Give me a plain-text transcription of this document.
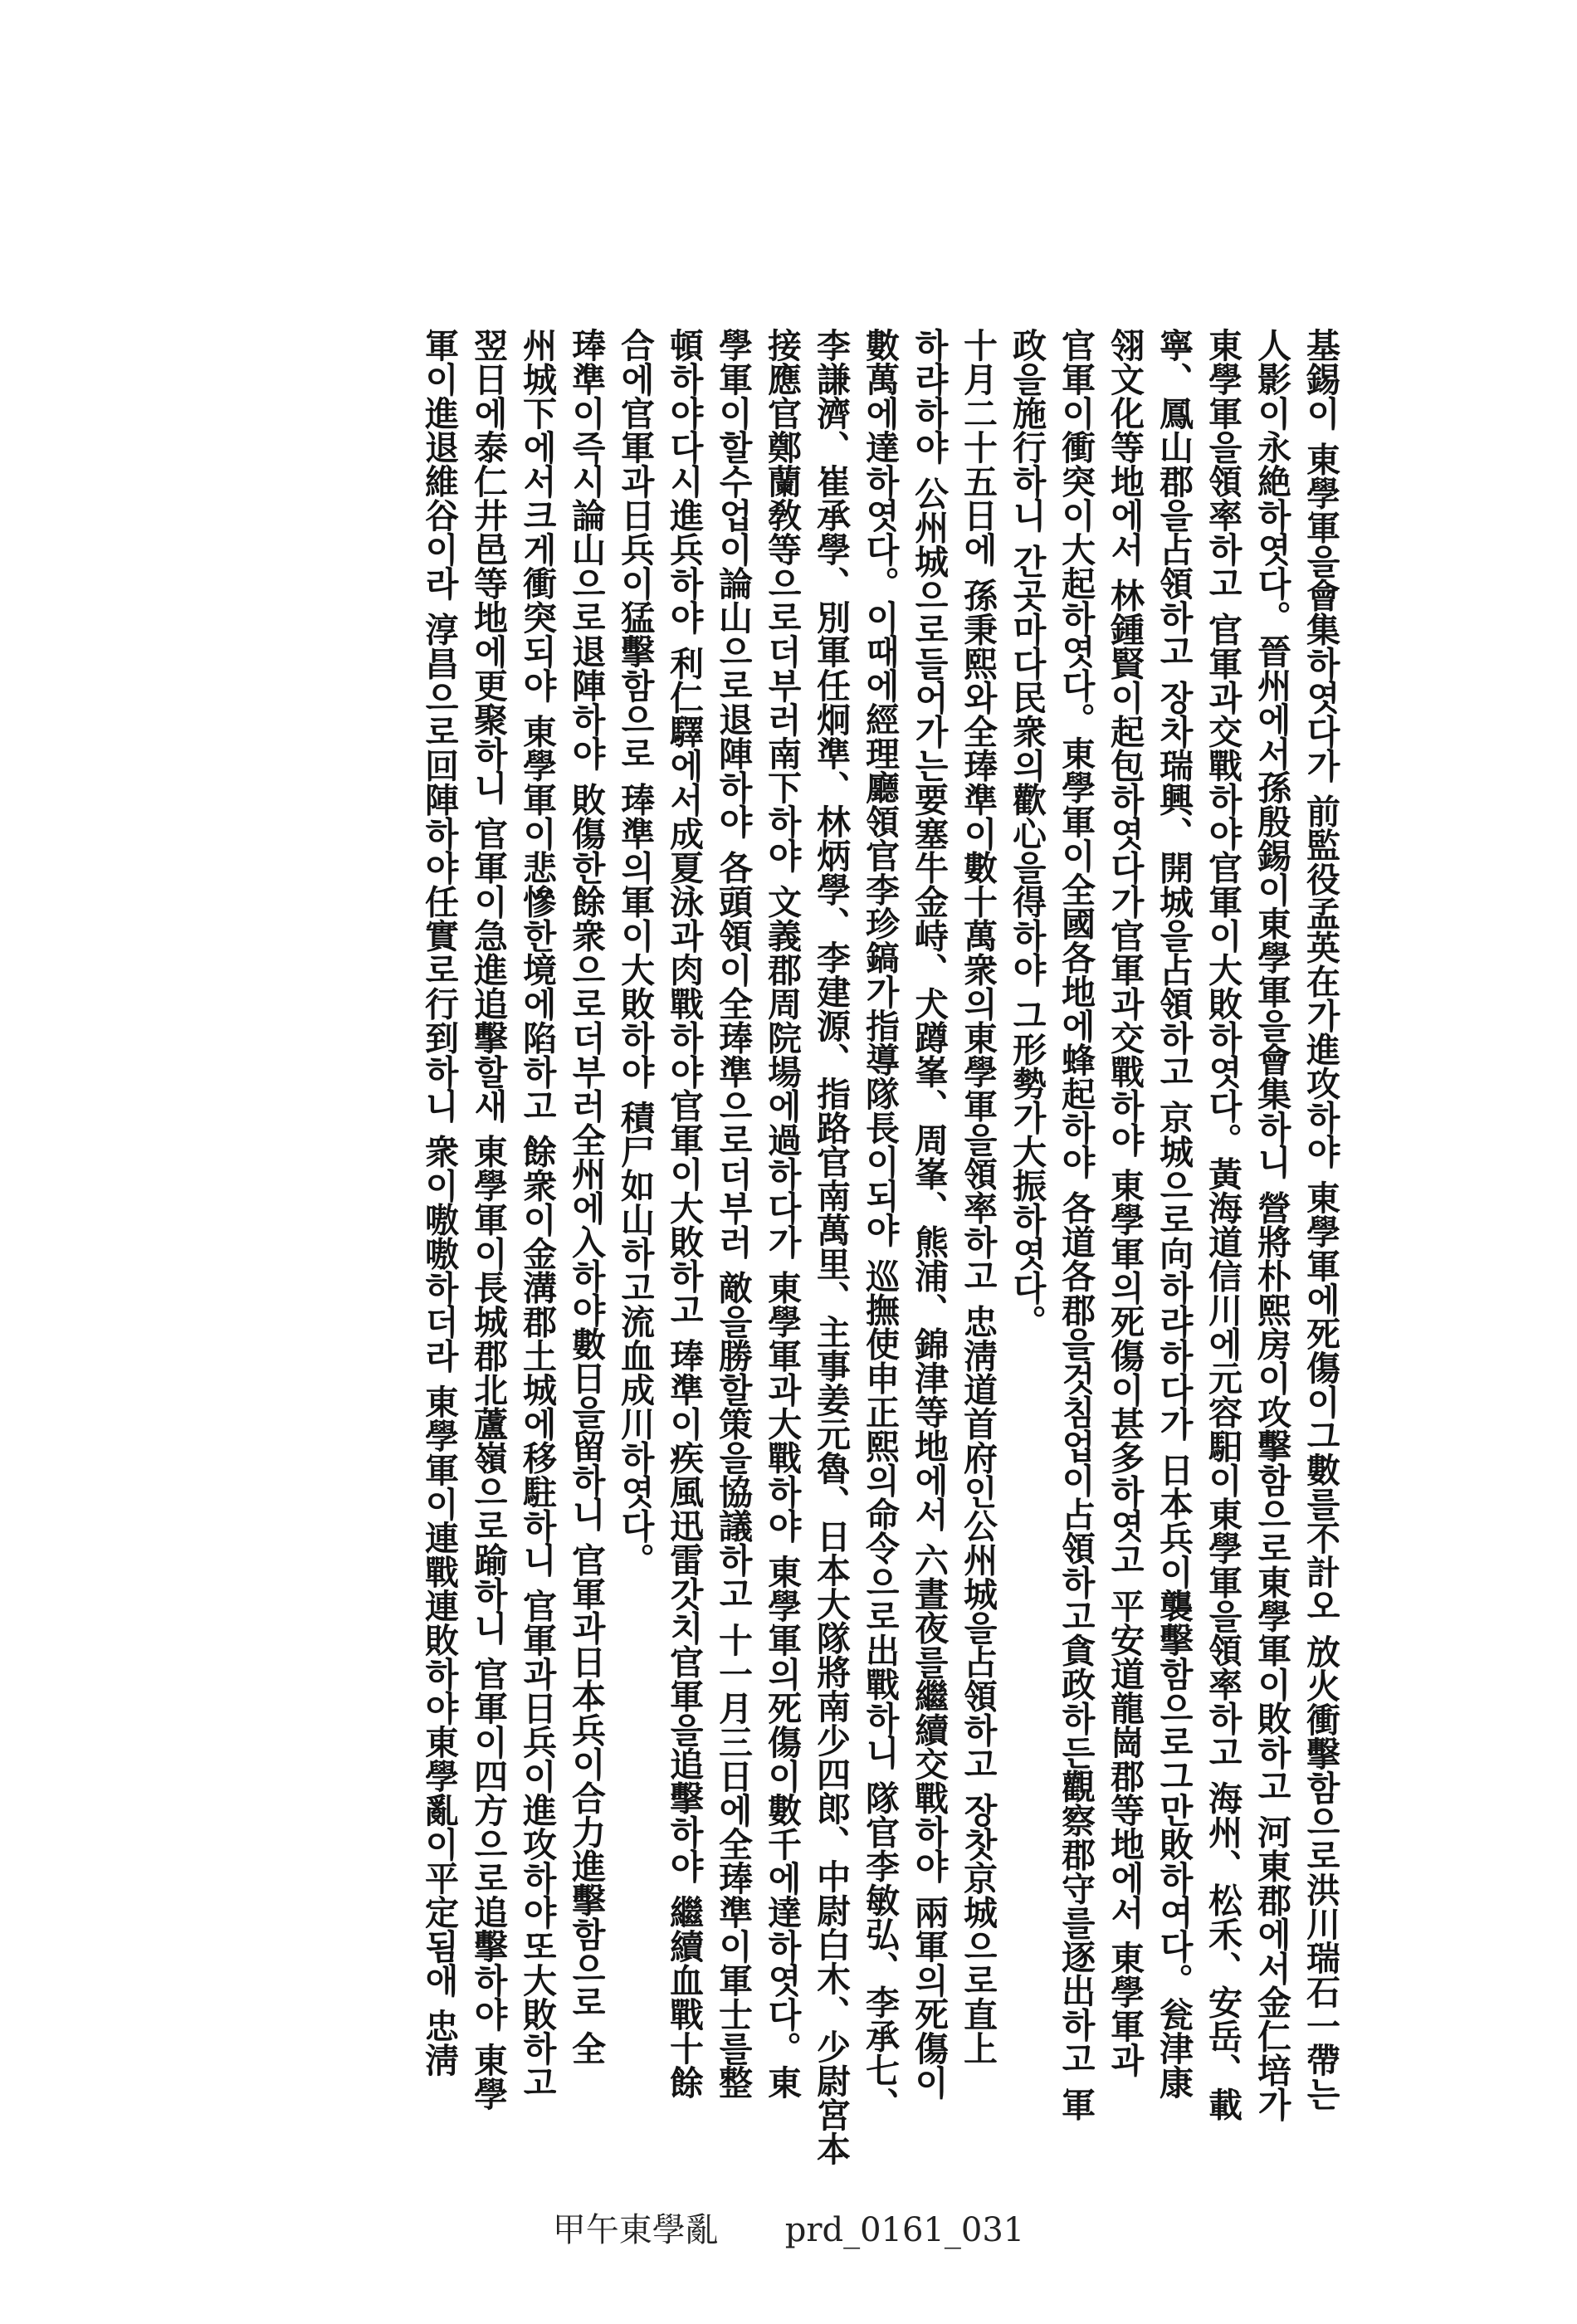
基錫이 東學軍을會集하엿다가 前監役孟英在가進攻하야 東學軍에死傷이그數를不計오 放火衝擊함으로洪川瑞石一帶는
人影이永絶하엿다。晉州에서孫殷錫이東學軍을會集하니 營將朴熙房이攻擊함으로東學軍이敗하고 河東郡에서金仁培가
東學軍을領率하고 官軍과交戰하야官軍이大敗하엿다。黃海道信川에元容馹이東學軍을領率하고 海州、松禾、安岳、載
寧、鳳山郡을占領하고 장차瑞興、開城을占領하고 京城으로向하랴하다가 日本兵이襲擊함으로그만敗하여다。瓮津康
翎文化等地에서 林鍾賢이起包하엿다가官軍과交戰하야 東學軍의死傷이甚多하엿고 平安道龍崗郡等地에서 東學軍과
官軍이衝突이大起하엿다。東學軍이全國各地에蜂起하야 各道各郡을것침업이占領하고貪政하든觀察郡守를逐出하고 軍
政을施行하니 간곳마다民衆의歡心을得하야 그形勢가大振하엿다。
十月二十五日에 孫秉熙와全琫準이數十萬衆의東學軍을領率하고 忠淸道首府인公州城을占領하고 장찻京城으로直上
하랴하야 公州城으로들어가는要塞牛金峙、犬蹲峯、周峯、熊浦、錦津等地에서 六晝夜를繼續交戰하야 兩軍의死傷이
數萬에達하엿다。이때에經理廳領官李珍鎬가指導隊長이되야 巡撫使申正熙의命令으로出戰하니 隊官李敏弘、李承七、
李謙濟、崔承學、別軍任炯準、林炳學、李建源、指路官南萬里、主事姜元魯、日本大隊將南少四郎、中尉白木、少尉宮本
接應官鄭蘭敎等으로더부러南下하야 文義郡周院場에過하다가 東學軍과大戰하야 東學軍의死傷이數千에達하엿다。東
學軍이할수업이論山으로退陣하야 各頭領이全琫準으로더부러 敵을勝할策을協議하고 十一月三日에全琫準이軍士를整
頓하야다시進兵하야 利仁驛에서成夏泳과肉戰하야官軍이大敗하고 琫準이疾風迅雷갓치官軍을追擊하야 繼續血戰十餘
合에官軍과日兵이猛擊함으로 琫準의軍이大敗하야 積尸如山하고流血成川하엿다。
琫準이즉시論山으로退陣하야 敗傷한餘衆으로더부러全州에入하야數日을留하니 官軍과日本兵이合力進擊함으로 全
州城下에서크게衝突되야 東學軍이悲慘한境에陷하고 餘衆이金溝郡土城에移駐하니 官軍과日兵이進攻하야또大敗하고
翌日에泰仁井邑等地에更聚하니 官軍이急進追擊할새 東學軍이長城郡北蘆嶺으로踰하니 官軍이四方으로追擊하야 東學
軍이進退維谷이라 淳昌으로回陣하야任實로行到하니 衆이嗷嗷하더라 東學軍이連戰連敗하야東學亂이平定됨애 忠淸
甲午東學亂　　prd_0161_031
